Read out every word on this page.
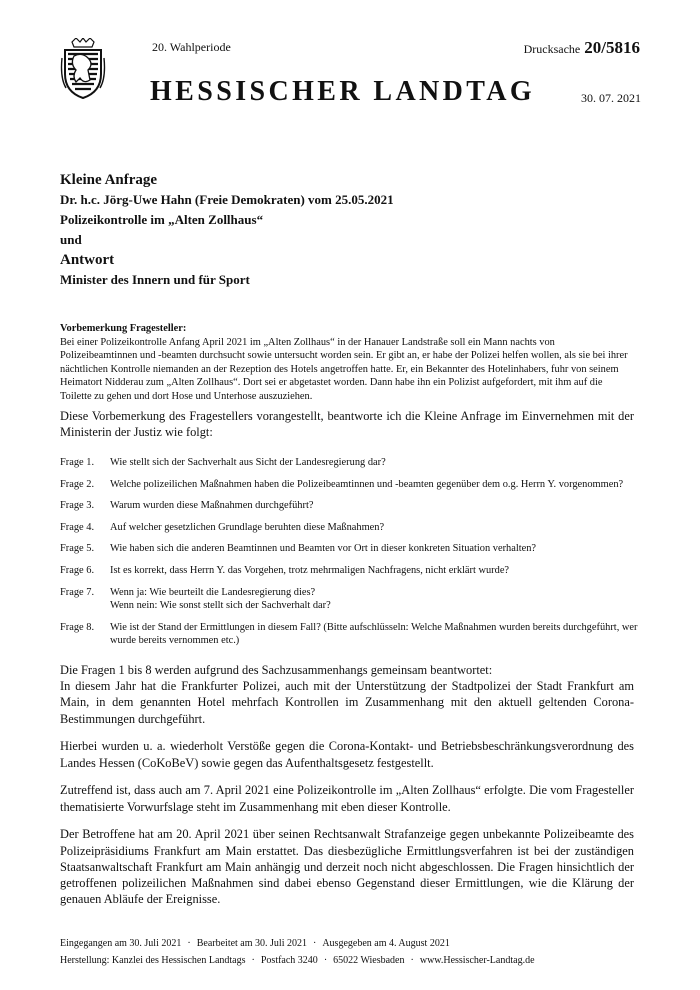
20. Wahlperiode
HESSISCHER LANDTAG
Drucksache 20/5816
30. 07. 2021
Kleine Anfrage
Dr. h.c. Jörg-Uwe Hahn (Freie Demokraten) vom 25.05.2021
Polizeikontrolle im „Alten Zollhaus“
und
Antwort
Minister des Innern und für Sport
Vorbemerkung Fragesteller:
Bei einer Polizeikontrolle Anfang April 2021 im „Alten Zollhaus“ in der Hanauer Landstraße soll ein Mann nachts von Polizeibeamtinnen und -beamten durchsucht sowie untersucht worden sein. Er gibt an, er habe der Polizei helfen wollen, als sie bei ihrer nächtlichen Kontrolle niemanden an der Rezeption des Hotels angetroffen hatte. Er, ein Bekannter des Hotelinhabers, fuhr von seinem Heimatort Nidderau zum „Alten Zollhaus“. Dort sei er abgetastet worden. Dann habe ihn ein Polizist aufgefordert, mit ihm auf die Toilette zu gehen und dort Hose und Unterhose auszuziehen.
Diese Vorbemerkung des Fragestellers vorangestellt, beantworte ich die Kleine Anfrage im Einvernehmen mit der Ministerin der Justiz wie folgt:
Frage 1.	Wie stellt sich der Sachverhalt aus Sicht der Landesregierung dar?
Frage 2.	Welche polizeilichen Maßnahmen haben die Polizeibeamtinnen und -beamten gegenüber dem o.g. Herrn Y. vorgenommen?
Frage 3.	Warum wurden diese Maßnahmen durchgeführt?
Frage 4.	Auf welcher gesetzlichen Grundlage beruhten diese Maßnahmen?
Frage 5.	Wie haben sich die anderen Beamtinnen und Beamten vor Ort in dieser konkreten Situation verhalten?
Frage 6.	Ist es korrekt, dass Herrn Y. das Vorgehen, trotz mehrmaligen Nachfragens, nicht erklärt wurde?
Frage 7.	Wenn ja: Wie beurteilt die Landesregierung dies?
Wenn nein: Wie sonst stellt sich der Sachverhalt dar?
Frage 8.	Wie ist der Stand der Ermittlungen in diesem Fall? (Bitte aufschlüsseln: Welche Maßnahmen wurden bereits durchgeführt, wer wurde bereits vernommen etc.)

Die Fragen 1 bis 8 werden aufgrund des Sachzusammenhangs gemeinsam beantwortet:

In diesem Jahr hat die Frankfurter Polizei, auch mit der Unterstützung der Stadtpolizei der Stadt Frankfurt am Main, in dem genannten Hotel mehrfach Kontrollen im Zusammenhang mit den aktuell geltenden Corona-Bestimmungen durchgeführt.

Hierbei wurden u. a. wiederholt Verstöße gegen die Corona-Kontakt- und Betriebsbeschränkungsverordnung des Landes Hessen (CoKoBeV) sowie gegen das Aufenthaltsgesetz festgestellt.

Zutreffend ist, dass auch am 7. April 2021 eine Polizeikontrolle im „Alten Zollhaus“ erfolgte. Die vom Fragesteller thematisierte Vorwurfslage steht im Zusammenhang mit eben dieser Kontrolle.

Der Betroffene hat am 20. April 2021 über seinen Rechtsanwalt Strafanzeige gegen unbekannte Polizeibeamte des Polizeipräsidiums Frankfurt am Main erstattet. Das diesbezügliche Ermittlungsverfahren ist bei der zuständigen Staatsanwaltschaft Frankfurt am Main anhängig und derzeit noch nicht abgeschlossen. Die Fragen hinsichtlich der getroffenen polizeilichen Maßnahmen sind dabei ebenso Gegenstand dieser Ermittlungen, wie die Klärung der genauen Abläufe der Ereignisse.

Eingegangen am 30. Juli 2021 · Bearbeitet am 30. Juli 2021 · Ausgegeben am 4. August 2021
Herstellung: Kanzlei des Hessischen Landtags · Postfach 3240 · 65022 Wiesbaden · www.Hessischer-Landtag.de
